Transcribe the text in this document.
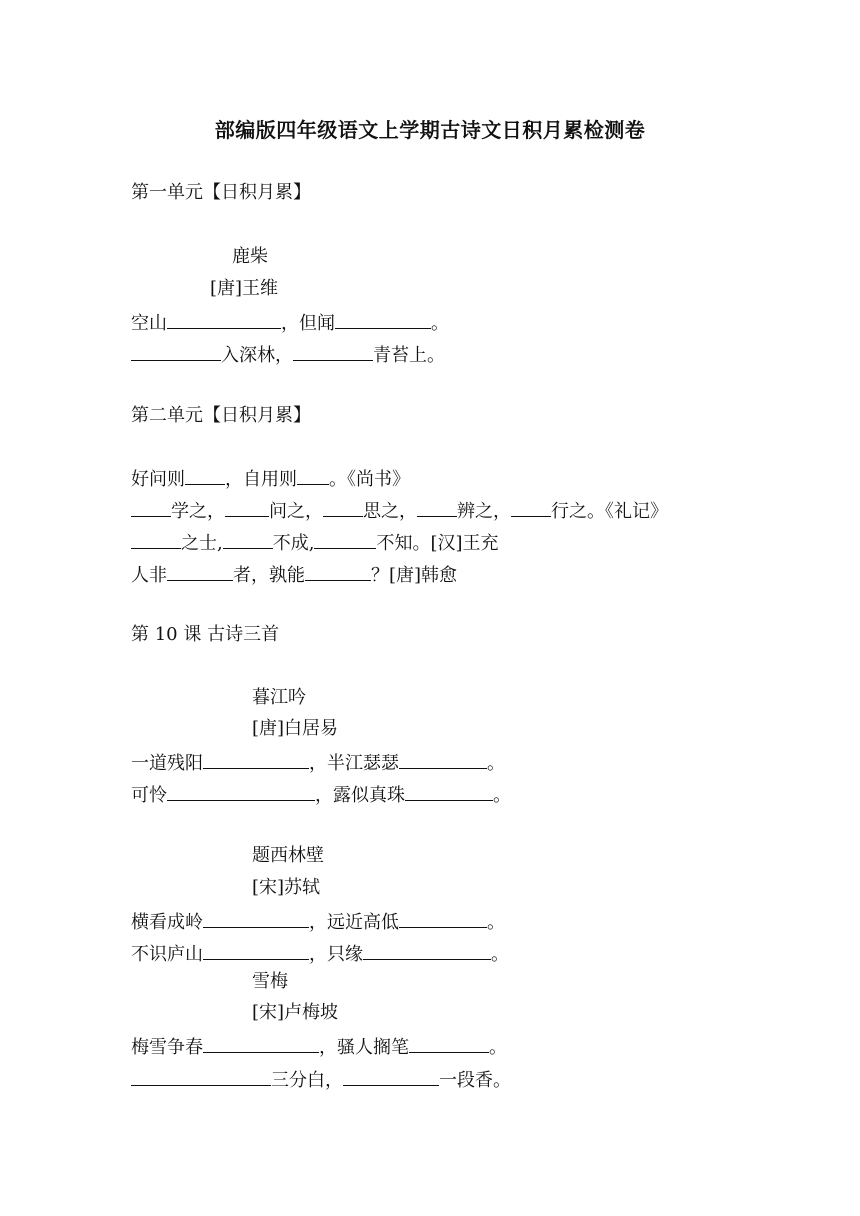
部编版四年级语文上学期古诗文日积月累检测卷
第一单元【日积月累】
鹿柴
[唐]王维
空山	，但闻	。
入深林，	青苔上。
第二单元【日积月累】
好问则 ，自用则 。《尚书》
学之， 问之， 思之， 辨之， 行之。《礼记》
之士,	不成,	不知。[汉]王充
人非	者，孰能	？[唐]韩愈
第 10 课 古诗三首
暮江吟
[唐]白居易
一道残阳	，半江瑟瑟	。
可怜	，露似真珠	。
题西林壁
[宋]苏轼
横看成岭	，远近高低	。
不识庐山	，只缘	。
雪梅
[宋]卢梅坡
梅雪争春	，骚人搁笔	。
三分白，	一段香。
